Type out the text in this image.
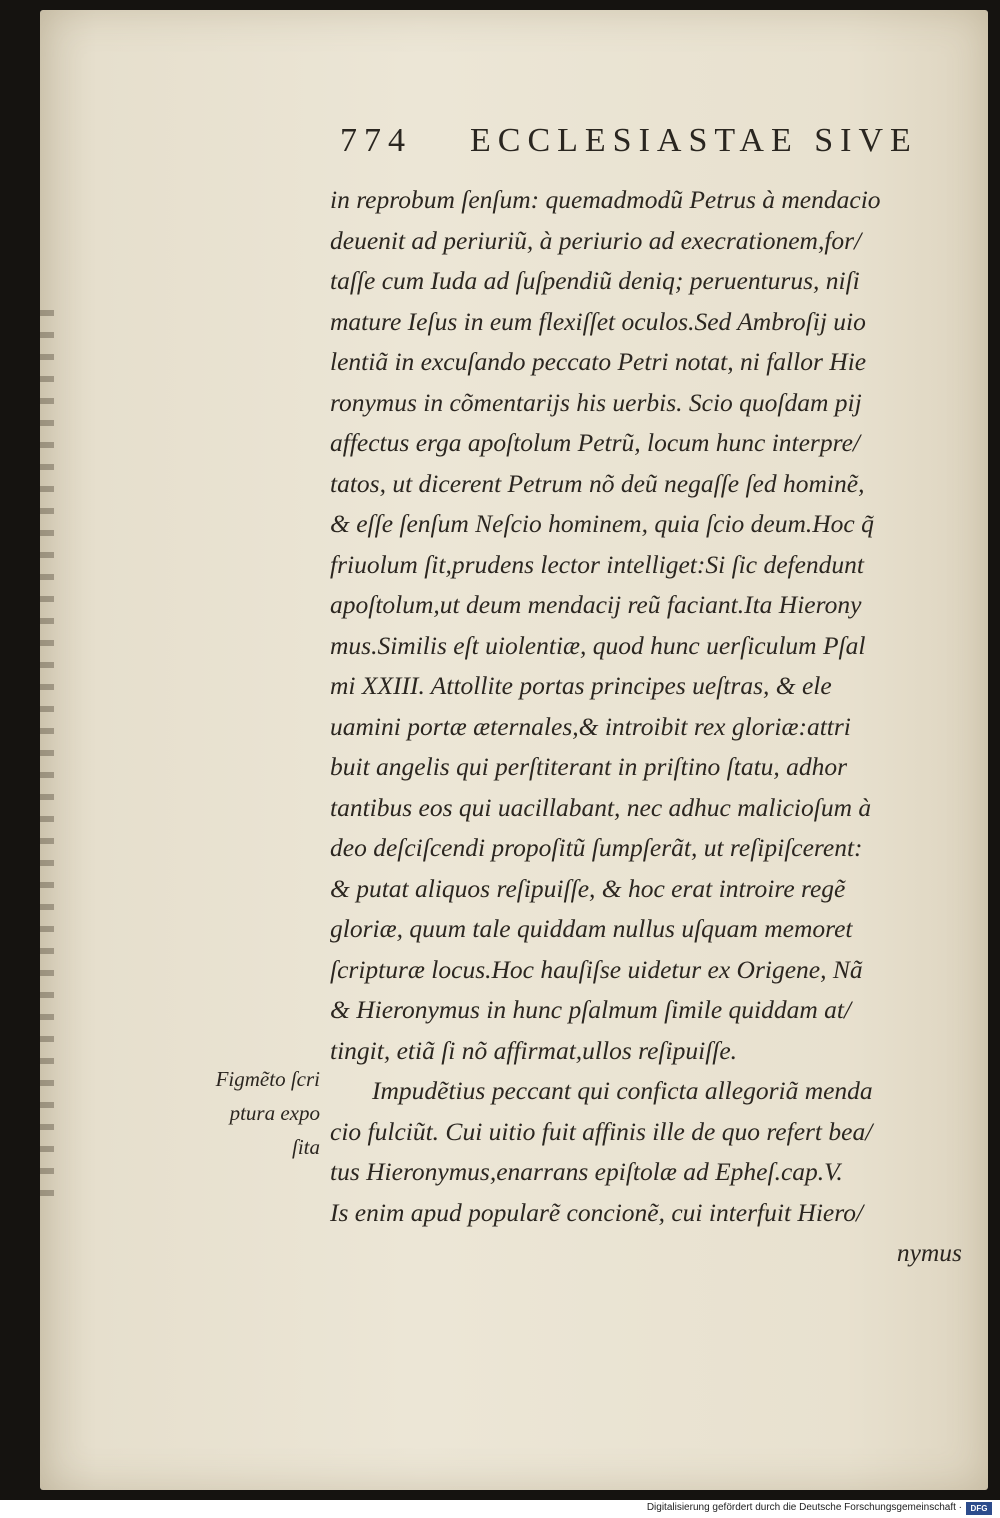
774 ECCLESIASTAE SIVE
in reprobum ſenſum: quemadmodũ Petrus à mendacio
deuenit ad periuriũ, à periurio ad execrationem,for/
taſſe cum Iuda ad ſuſpendiũ deniq; peruenturus, niſi
mature Ieſus in eum flexiſſet oculos.Sed Ambroſij uio
lentiã in excuſando peccato Petri notat, ni fallor Hie
ronymus in cõmentarijs his uerbis. Scio quoſdam pij
affectus erga apoſtolum Petrũ, locum hunc interpre/
tatos, ut dicerent Petrum nõ deũ negaſſe ſed hominẽ,
& eſſe ſenſum Neſcio hominem, quia ſcio deum.Hoc q̃
friuolum ſit,prudens lector intelliget:Si ſic defendunt
apoſtolum,ut deum mendacij reũ faciant.Ita Hierony
mus.Similis eſt uiolentiæ, quod hunc uerſiculum Pſal
mi XXIII. Attollite portas principes ueſtras, & ele
uamini portæ æternales,& introibit rex gloriæ:attri
buit angelis qui perſtiterant in priſtino ſtatu, adhor
tantibus eos qui uacillabant, nec adhuc maliciοſum à
deo deſciſcendi propoſitũ ſumpſerãt, ut reſipiſcerent:
& putat aliquos reſipuiſſe, & hoc erat introire regẽ
gloriæ, quum tale quiddam nullus uſquam memoret
ſcripturæ locus.Hoc hauſiſse uidetur ex Origene, Nã
& Hieronymus in hunc pſalmum ſimile quiddam at/
tingit, etiã ſi nõ affirmat,ullos reſipuiſſe.
Impudẽtius peccant qui conficta allegoriã menda
cio fulciũt. Cui uitio fuit affinis ille de quo refert bea/
tus Hieronymus,enarrans epiſtolæ ad Epheſ.cap.V.
Is enim apud popularẽ concionẽ, cui interfuit Hiero/
nymus
Figmẽto ſcri
ptura expo
ſita
Digitalisierung gefördert durch die Deutsche Forschungsgemeinschaft ·	DFG
